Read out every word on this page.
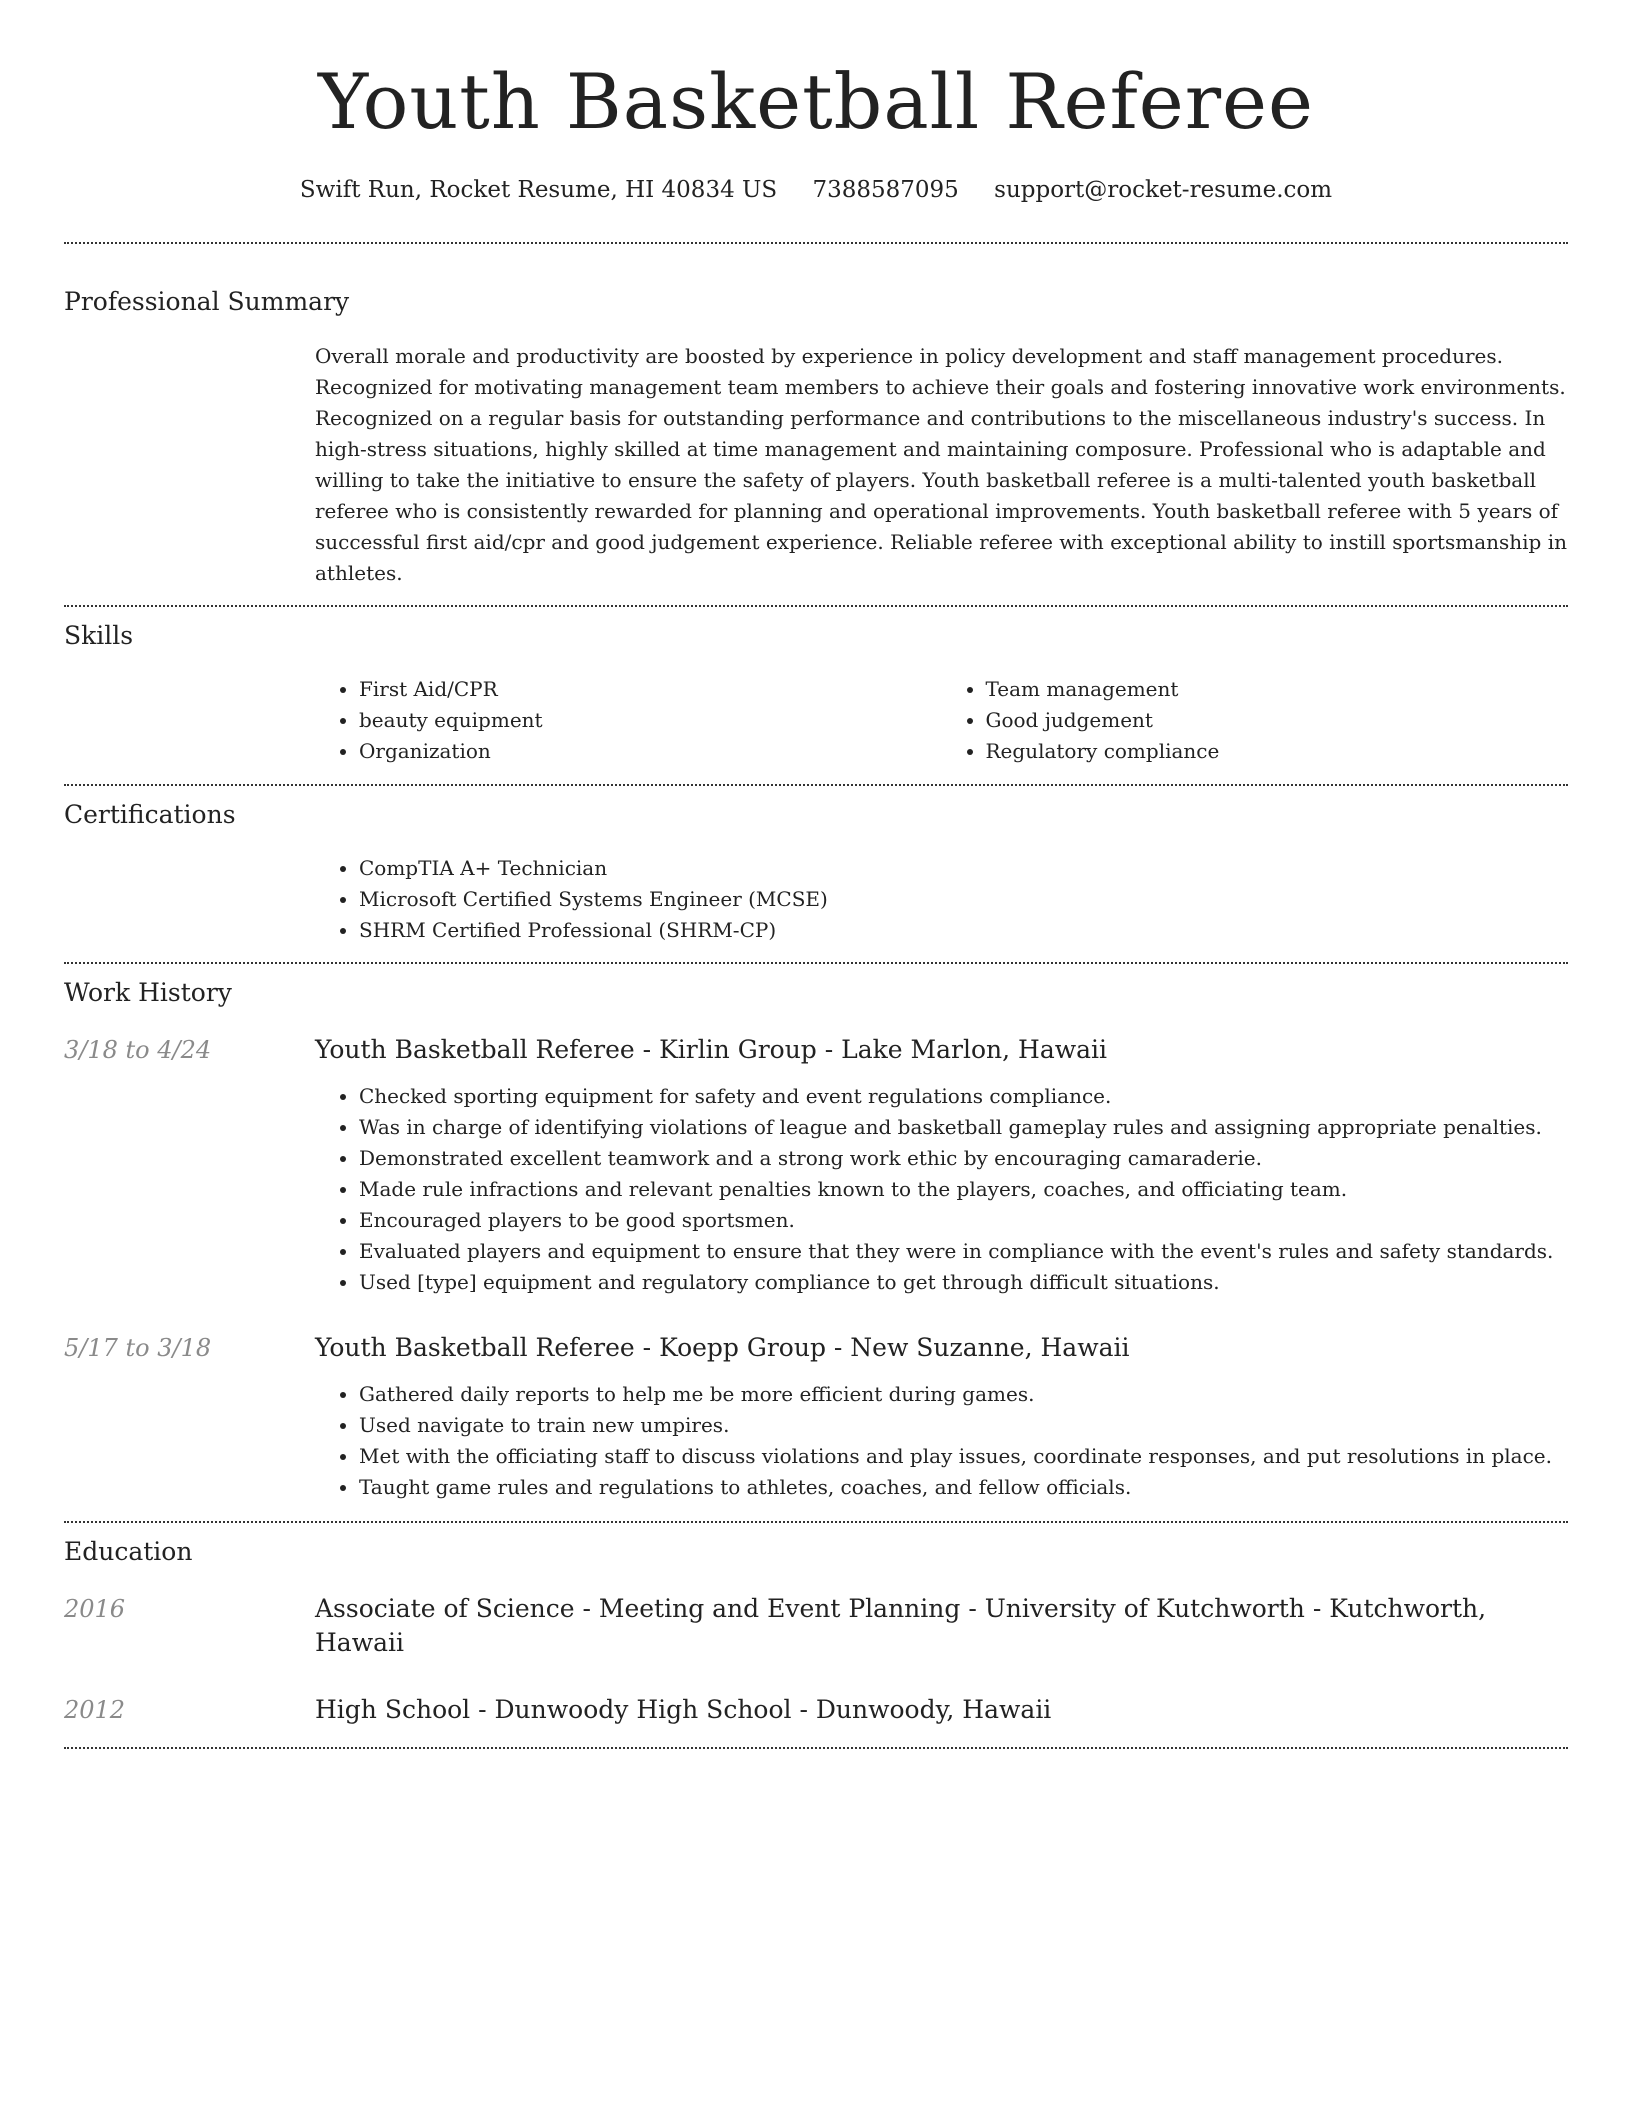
Youth Basketball Referee
Swift Run, Rocket Resume, HI 40834 US 7388587095 support@rocket-resume.com
Professional Summary

Overall morale and productivity are boosted by experience in policy development and staff management procedures. Recognized for motivating management team members to achieve their goals and fostering innovative work environments. Recognized on a regular basis for outstanding performance and contributions to the miscellaneous industry's success. In high-stress situations, highly skilled at time management and maintaining composure. Professional who is adaptable and willing to take the initiative to ensure the safety of players. Youth basketball referee is a multi-talented youth basketball referee who is consistently rewarded for planning and operational improvements. Youth basketball referee with 5 years of successful first aid/cpr and good judgement experience. Reliable referee with exceptional ability to instill sportsmanship in athletes.

Skills
• First Aid/CPR
• beauty equipment
• Organization
• Team management
• Good judgement
• Regulatory compliance
Certifications
• CompTIA A+ Technician
• Microsoft Certified Systems Engineer (MCSE)
• SHRM Certified Professional (SHRM-CP)
Work History
3/18 to 4/24	Youth Basketball Referee - Kirlin Group - Lake Marlon, Hawaii
• Checked sporting equipment for safety and event regulations compliance.
• Was in charge of identifying violations of league and basketball gameplay rules and assigning appropriate penalties.
• Demonstrated excellent teamwork and a strong work ethic by encouraging camaraderie.
• Made rule infractions and relevant penalties known to the players, coaches, and officiating team.
• Encouraged players to be good sportsmen.
• Evaluated players and equipment to ensure that they were in compliance with the event's rules and safety standards.
• Used [type] equipment and regulatory compliance to get through difficult situations.
5/17 to 3/18	Youth Basketball Referee - Koepp Group - New Suzanne, Hawaii
• Gathered daily reports to help me be more efficient during games.
• Used navigate to train new umpires.
• Met with the officiating staff to discuss violations and play issues, coordinate responses, and put resolutions in place.
• Taught game rules and regulations to athletes, coaches, and fellow officials.
Education
2016	Associate of Science - Meeting and Event Planning - University of Kutchworth - Kutchworth, Hawaii
2012	High School - Dunwoody High School - Dunwoody, Hawaii
